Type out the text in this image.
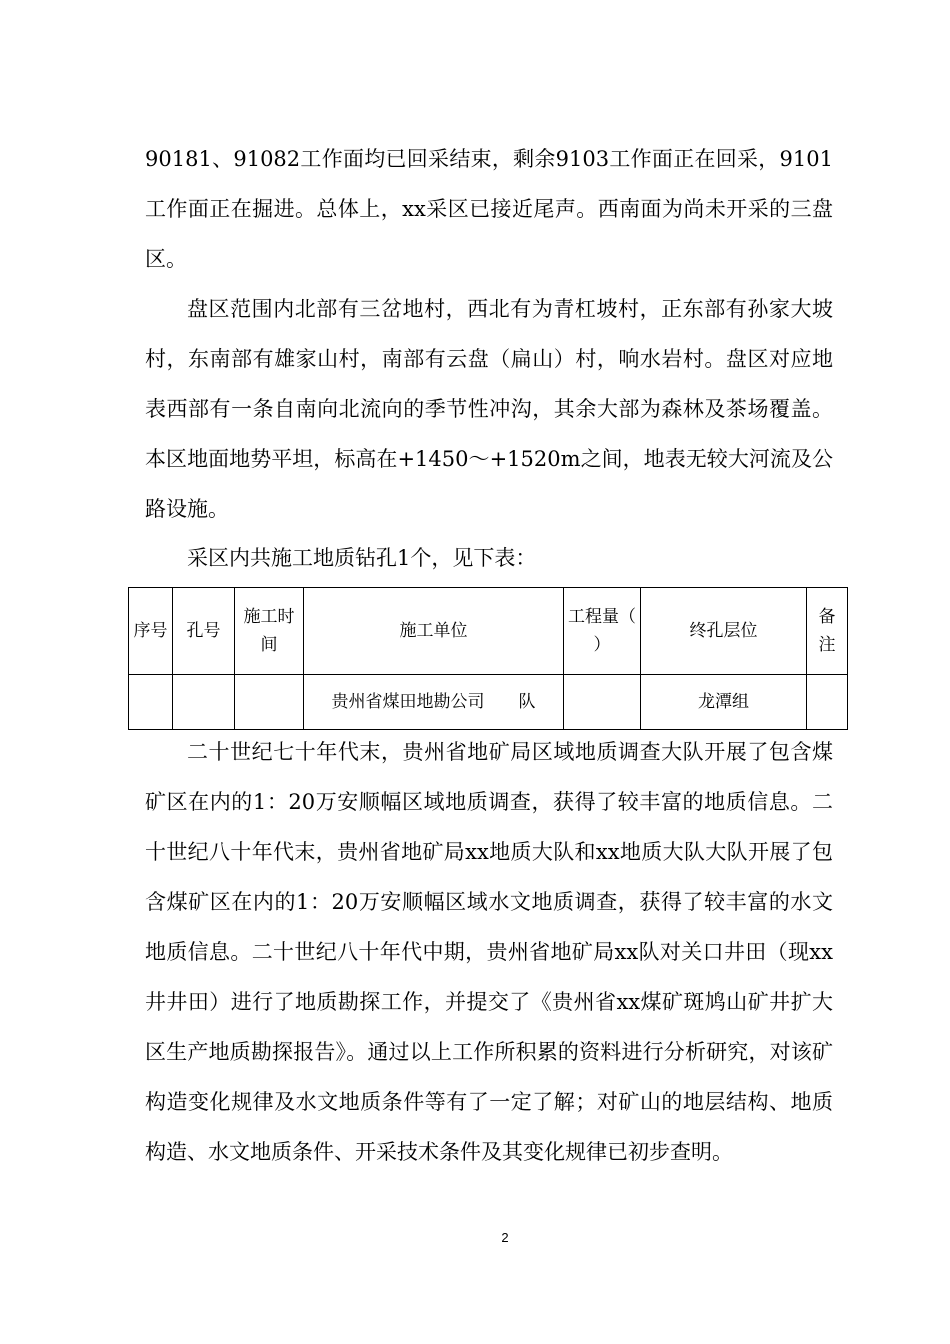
90181、91082工作面均已回采结束，剩余9103工作面正在回采，9101工作面正在掘进。总体上，xx采区已接近尾声。西南面为尚未开采的三盘区。

盘区范围内北部有三岔地村，西北有为青杠坡村，正东部有孙家大坡村，东南部有雄家山村，南部有云盘（扁山）村，响水岩村。盘区对应地表西部有一条自南向北流向的季节性冲沟，其余大部为森林及茶场覆盖。本区地面地势平坦，标高在+1450～+1520m之间，地表无较大河流及公路设施。

采区内共施工地质钻孔1个，见下表：

序号	孔号	施工时间	施工单位	工程量（ ）	终孔层位	备注
			贵州省煤田地勘公司　　队		龙潭组	

二十世纪七十年代末，贵州省地矿局区域地质调查大队开展了包含煤矿区在内的1：20万安顺幅区域地质调查，获得了较丰富的地质信息。二十世纪八十年代末，贵州省地矿局xx地质大队和xx地质大队大队开展了包含煤矿区在内的1：20万安顺幅区域水文地质调查，获得了较丰富的水文地质信息。二十世纪八十年代中期，贵州省地矿局xx队对关口井田（现xx井井田）进行了地质勘探工作，并提交了《贵州省xx煤矿斑鸠山矿井扩大区生产地质勘探报告》。通过以上工作所积累的资料进行分析研究，对该矿构造变化规律及水文地质条件等有了一定了解；对矿山的地层结构、地质构造、水文地质条件、开采技术条件及其变化规律已初步查明。

2
